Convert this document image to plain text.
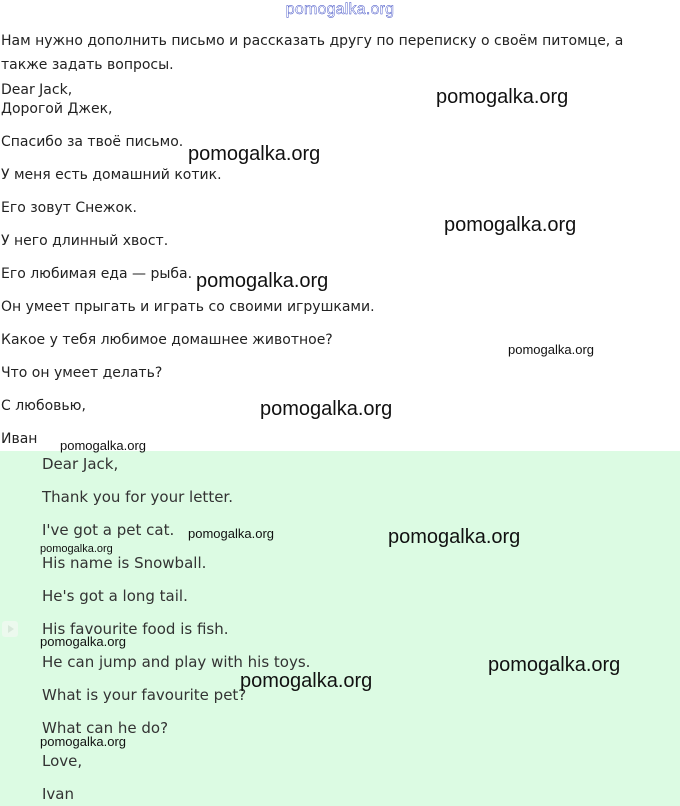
pomogalka.org
Нам нужно дополнить письмо и рассказать другу по переписку о своём питомце, а также задать вопросы.
Dear Jack,
Дорогой Джек,
Спасибо за твоё письмо.
У меня есть домашний котик.
Его зовут Снежок.
У него длинный хвост.
Его любимая еда — рыба.
Он умеет прыгать и играть со своими игрушками.
Какое у тебя любимое домашнее животное?
Что он умеет делать?
С любовью,
Иван
Dear Jack,
Thank you for your letter.
I've got a pet cat.
His name is Snowball.
He's got a long tail.
His favourite food is fish.
He can jump and play with his toys.
What is your favourite pet?
What can he do?
Love,
Ivan
pomogalka.org
pomogalka.org
pomogalka.org
pomogalka.org
pomogalka.org
pomogalka.org
pomogalka.org
pomogalka.org	pomogalka.org
pomogalka.org
pomogalka.org
pomogalka.org
pomogalka.org
pomogalka.org
